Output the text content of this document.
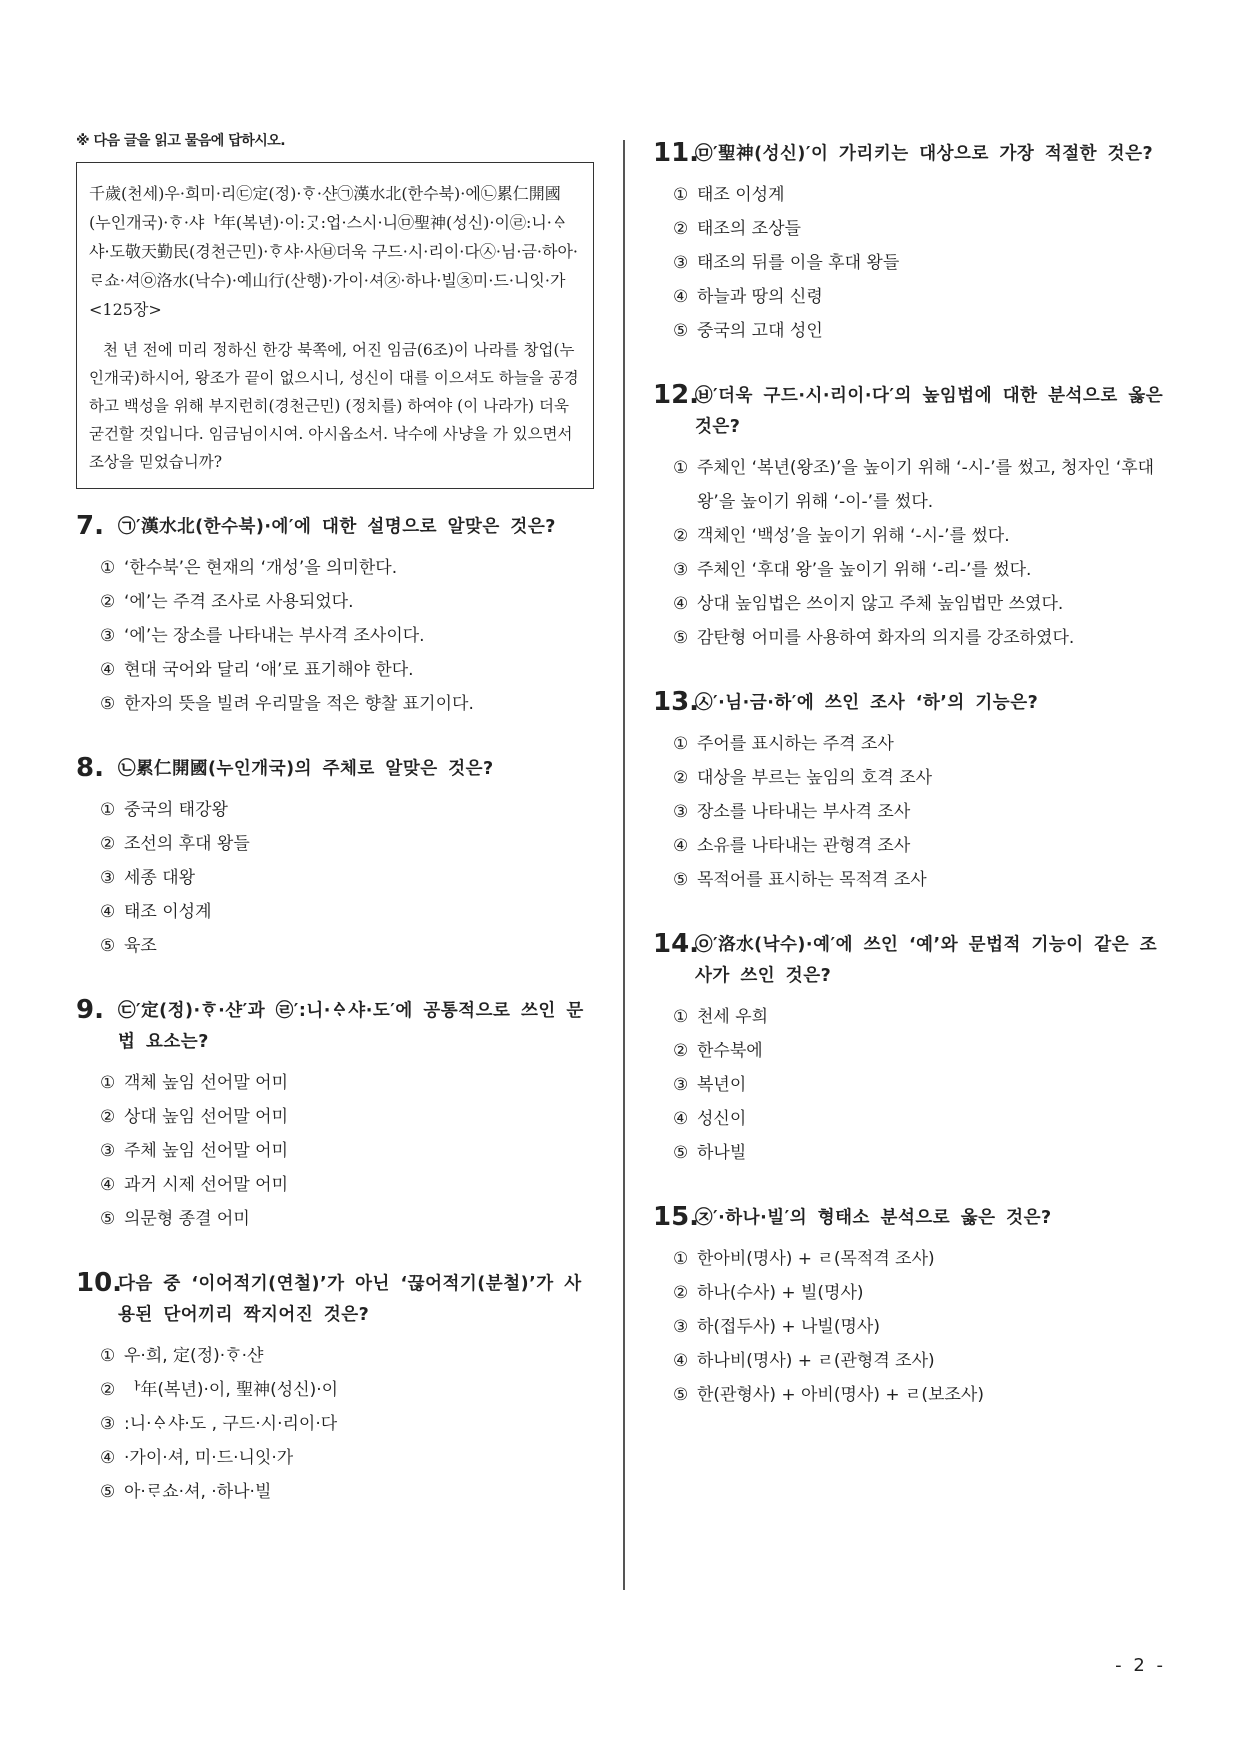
※ 다음 글을 읽고 물음에 답하시오.

千歲(천세)우·희미·리㉢定(정)·ᄒᆞ·샨㉠漢水北(한수북)·에㉡累仁開國(누인개국)·ᄒᆞ·샤ᅡ年(복년)·이:ᄀᆞᆺ:업·스시·니㉤聖神(성신)·이㉣:니·ᅀᆞ샤·도敬天勤民(경천근민)·ᄒᆞ샤·사㉥더욱 구드·시·리이·다㉦·님·금·하아·ᄅᆞ쇼·셔㉧洛水(낙수)·예山行(산행)·가이·셔㉨·하나·빌㉩미·드·니잇·가 <125장>

천 년 전에 미리 정하신 한강 북쪽에, 어진 임금(6조)이 나라를 창업(누인개국)하시어, 왕조가 끝이 없으시니, 성신이 대를 이으셔도 하늘을 공경하고 백성을 위해 부지런히(경천근민) (정치를) 하여야 (이 나라가) 더욱 굳건할 것입니다. 임금님이시여. 아시옵소서. 낙수에 사냥을 가 있으면서 조상을 믿었습니까?

7. ㉠′漢水北(한수북)·에′에 대한 설명으로 알맞은 것은?
① ‘한수북’은 현재의 ‘개성’을 의미한다.
② ‘에’는 주격 조사로 사용되었다.
③ ‘에’는 장소를 나타내는 부사격 조사이다.
④ 현대 국어와 달리 ‘애’로 표기해야 한다.
⑤ 한자의 뜻을 빌려 우리말을 적은 향찰 표기이다.
8. ㉡累仁開國(누인개국)의 주체로 알맞은 것은?
① 중국의 태강왕
② 조선의 후대 왕들
③ 세종 대왕
④ 태조 이성계
⑤ 육조
9. ㉢′定(정)·ᄒᆞ·샨′과 ㉣′:니·ᅀᆞ샤·도′에 공통적으로 쓰인 문법 요소는?
① 객체 높임 선어말 어미
② 상대 높임 선어말 어미
③ 주체 높임 선어말 어미
④ 과거 시제 선어말 어미
⑤ 의문형 종결 어미
10.
다음 중 ‘이어적기(연철)’가 아닌 ‘끊어적기(분철)’가 사용된 단어끼리 짝지어진 것은?
① 우·희, 定(정)·ᄒᆞ·샨
② ᅡ年(복년)·이, 聖神(성신)·이
③ :니·ᅀᆞ샤·도 , 구드·시·리이·다
④ ·가이·셔, 미·드·니잇·가
⑤ 아·ᄅᆞ쇼·셔, ·하나·빌
11.
㉤′聖神(성신)′이 가리키는 대상으로 가장 적절한 것은?
① 태조 이성계
② 태조의 조상들
③ 태조의 뒤를 이을 후대 왕들
④ 하늘과 땅의 신령
⑤ 중국의 고대 성인
12.
㉥′더욱 구드·시·리이·다′의 높임법에 대한 분석으로 옳은 것은?
① 주체인 ‘복년(왕조)’을 높이기 위해 ‘-시-’를 썼고, 청자인 ‘후대 왕’을 높이기 위해 ‘-이-’를 썼다.
② 객체인 ‘백성’을 높이기 위해 ‘-시-’를 썼다.
③ 주체인 ‘후대 왕’을 높이기 위해 ‘-리-’를 썼다.
④ 상대 높임법은 쓰이지 않고 주체 높임법만 쓰였다.
⑤ 감탄형 어미를 사용하여 화자의 의지를 강조하였다.
13.
㉦′·님·금·하′에 쓰인 조사 ‘하’의 기능은?
① 주어를 표시하는 주격 조사
② 대상을 부르는 높임의 호격 조사
③ 장소를 나타내는 부사격 조사
④ 소유를 나타내는 관형격 조사
⑤ 목적어를 표시하는 목적격 조사
14.
㉧′洛水(낙수)·예′에 쓰인 ‘예’와 문법적 기능이 같은 조사가 쓰인 것은?
① 천세 우희
② 한수북에
③ 복년이
④ 성신이
⑤ 하나빌
15.
㉨′·하나·빌′의 형태소 분석으로 옳은 것은?
① 한아비(명사) + ㄹ(목적격 조사)
② 하나(수사) + 빌(명사)
③ 하(접두사) + 나빌(명사)
④ 하나비(명사) + ㄹ(관형격 조사)
⑤ 한(관형사) + 아비(명사) + ㄹ(보조사)
- 2 -
